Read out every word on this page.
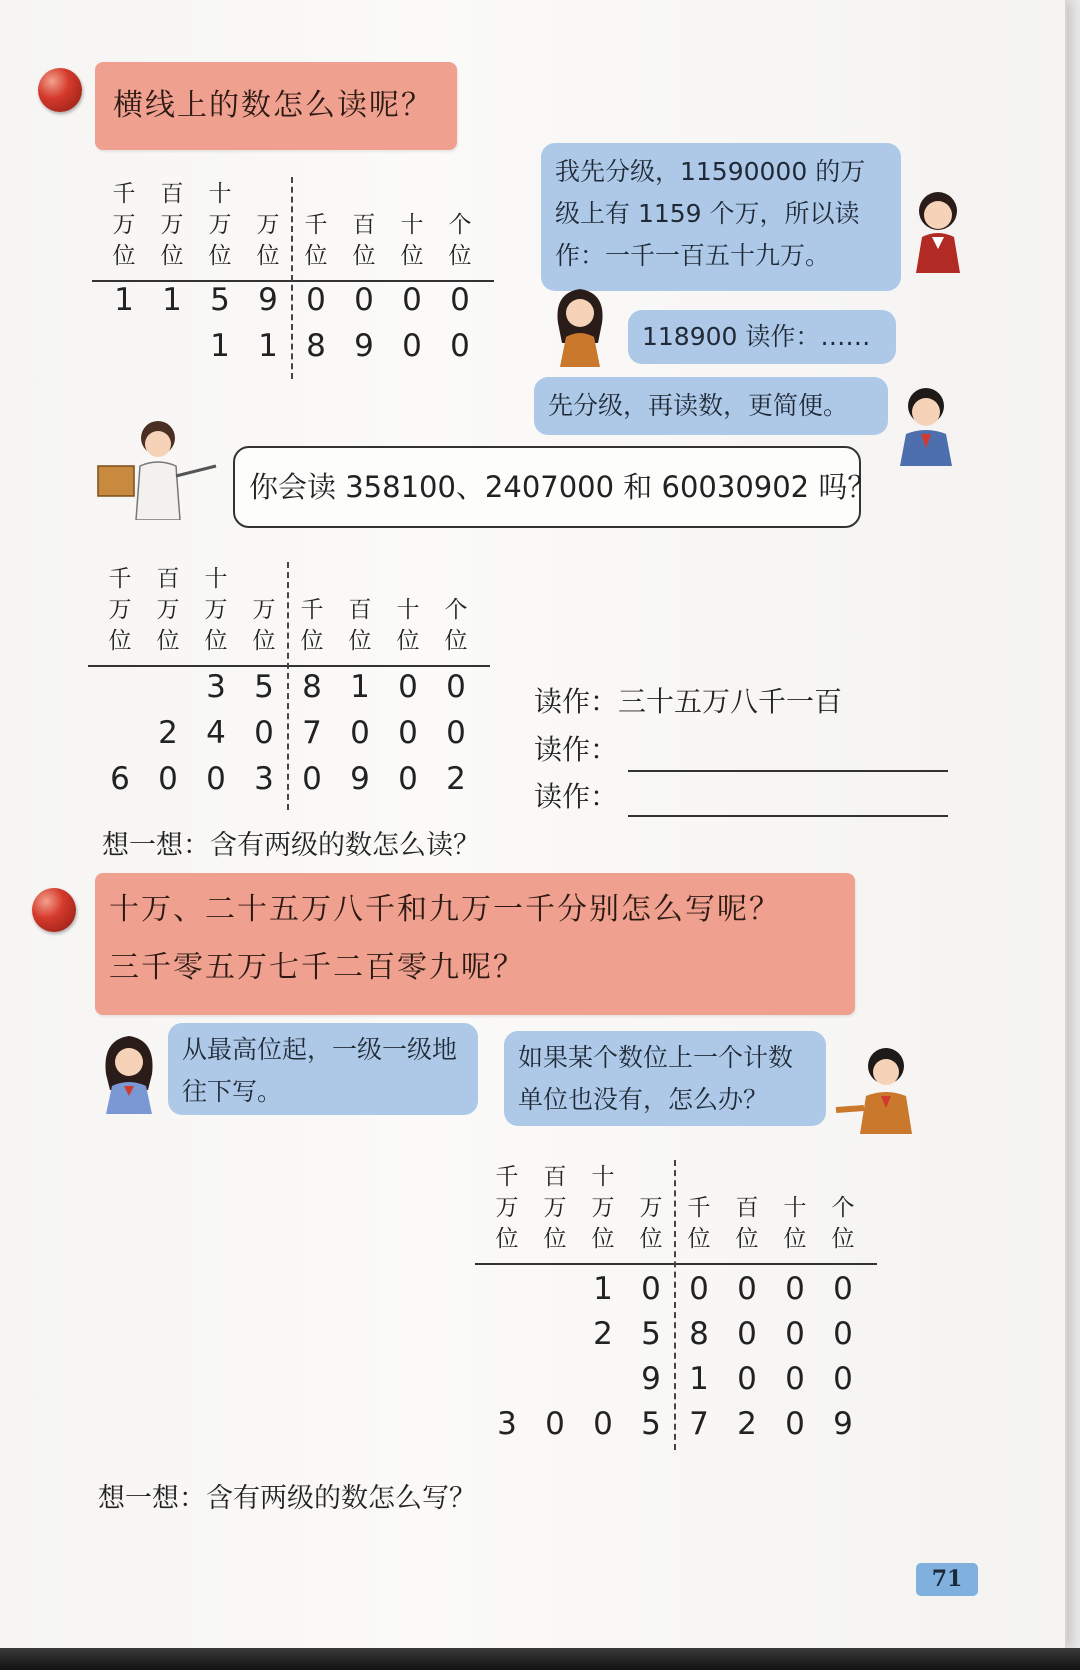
横线上的数怎么读呢？
千
万
位
百
万
位
十
万
位
万
位
千
位
百
位
十
位
个
位
1 1 5 9 0 0 0 0
1 1 8 9 0 0
我先分级，11590000 的万级上有 1159 个万，所以读作：一千一百五十九万。
118900 读作：……
先分级，再读数，更简便。
你会读 358100、2407000 和 60030902 吗？
千
万
位
百
万
位
十
万
位
万
位
千
位
百
位
十
位
个
位
3 5 8 1 0 0
2 4 0 7 0 0 0
6 0 0 3 0 9 0 2
读作：三十五万八千一百
读作：
读作：
想一想：含有两级的数怎么读？
十万、二十五万八千和九万一千分别怎么写呢？
三千零五万七千二百零九呢？
从最高位起，一级一级地往下写。
如果某个数位上一个计数单位也没有，怎么办？
千
万
位
百
万
位
十
万
位
万
位
千
位
百
位
十
位
个
位
1 0 0 0 0 0
2 5 8 0 0 0
9 1 0 0 0
3 0 0 5 7 2 0 9
想一想：含有两级的数怎么写？
71
